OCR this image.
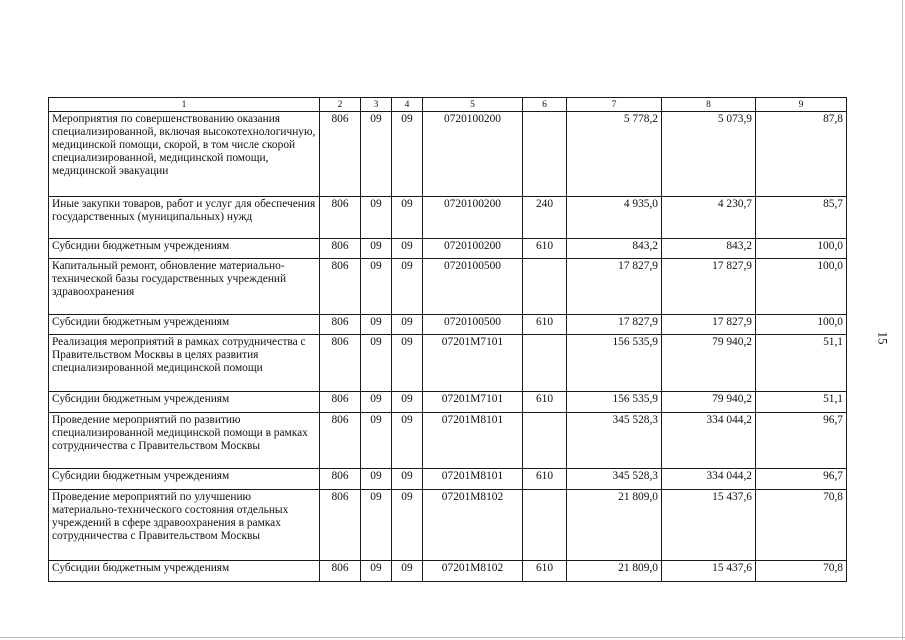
1	2	3	4	5	6	7	8	9
Мероприятия по совершенствованию оказания специализированной, включая высокотехнологичную, медицинской помощи, скорой, в том числе скорой специализированной, медицинской помощи, медицинской эвакуации	806	09	09	0720100200		5 778,2	5 073,9	87,8
Иные закупки товаров, работ и услуг для обеспечения государственных (муниципальных) нужд	806	09	09	0720100200	240	4 935,0	4 230,7	85,7
Субсидии бюджетным учреждениям	806	09	09	0720100200	610	843,2	843,2	100,0
Капитальный ремонт, обновление материально-технической базы государственных учреждений здравоохранения	806	09	09	0720100500		17 827,9	17 827,9	100,0
Субсидии бюджетным учреждениям	806	09	09	0720100500	610	17 827,9	17 827,9	100,0
Реализация мероприятий в рамках сотрудничества с Правительством Москвы в целях развития специализированной медицинской помощи	806	09	09	07201M7101		156 535,9	79 940,2	51,1
Субсидии бюджетным учреждениям	806	09	09	07201M7101	610	156 535,9	79 940,2	51,1
Проведение мероприятий по развитию специализированной медицинской помощи в рамках сотрудничества с Правительством Москвы	806	09	09	07201M8101		345 528,3	334 044,2	96,7
Субсидии бюджетным учреждениям	806	09	09	07201M8101	610	345 528,3	334 044,2	96,7
Проведение мероприятий по улучшению материально-технического состояния отдельных учреждений в сфере здравоохранения в рамках сотрудничества с Правительством Москвы	806	09	09	07201M8102		21 809,0	15 437,6	70,8
Субсидии бюджетным учреждениям	806	09	09	07201M8102	610	21 809,0	15 437,6	70,8
15
